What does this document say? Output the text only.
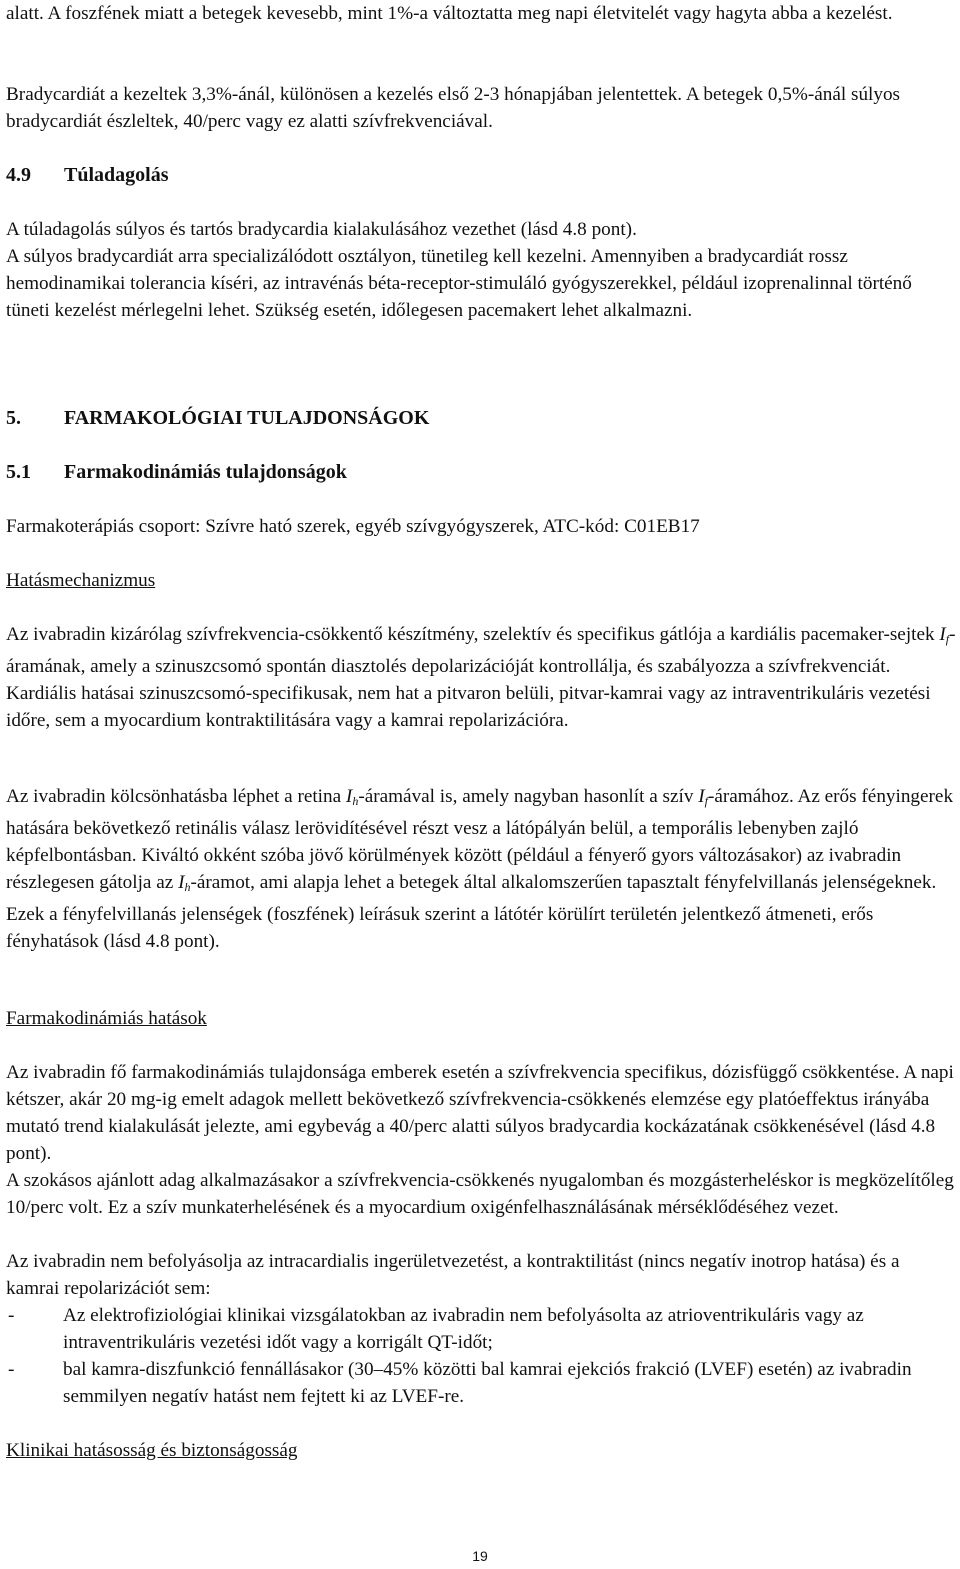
alatt. A foszfének miatt a betegek kevesebb, mint 1%-a változtatta meg napi életvitelét vagy hagyta abba a kezelést.

Bradycardiát a kezeltek 3,3%-ánál, különösen a kezelés első 2-3 hónapjában jelentettek. A betegek 0,5%-ánál súlyos bradycardiát észleltek, 40/perc vagy ez alatti szívfrekvenciával.

4.9 Túladagolás

A túladagolás súlyos és tartós bradycardia kialakulásához vezethet (lásd 4.8 pont).

A súlyos bradycardiát arra specializálódott osztályon, tünetileg kell kezelni. Amennyiben a bradycardiát rossz hemodinamikai tolerancia kíséri, az intravénás béta-receptor-stimuláló gyógyszerekkel, például izoprenalinnal történő tüneti kezelést mérlegelni lehet. Szükség esetén, időlegesen pacemakert lehet alkalmazni.

5. FARMAKOLÓGIAI TULAJDONSÁGOK
5.1 Farmakodinámiás tulajdonságok

Farmakoterápiás csoport: Szívre ható szerek, egyéb szívgyógyszerek, ATC-kód: C01EB17

Hatásmechanizmus

Az ivabradin kizárólag szívfrekvencia-csökkentő készítmény, szelektív és specifikus gátlója a kardiális pacemaker-sejtek $I_f$-áramának, amely a szinuszcsomó spontán diasztolés depolarizációját kontrollálja, és szabályozza a szívfrekvenciát. Kardiális hatásai szinuszcsomó-specifikusak, nem hat a pitvaron belüli, pitvar-kamrai vagy az intraventrikuláris vezetési időre, sem a myocardium kontraktilitására vagy a kamrai repolarizációra.

Az ivabradin kölcsönhatásba léphet a retina $I_h$-áramával is, amely nagyban hasonlít a szív $I_f$-áramához. Az erős fényingerek hatására bekövetkező retinális válasz lerövidítésével részt vesz a látópályán belül, a temporális lebenyben zajló képfelbontásban. Kiváltó okként szóba jövő körülmények között (például a fényerő gyors változásakor) az ivabradin részlegesen gátolja az $I_h$-áramot, ami alapja lehet a betegek által alkalomszerűen tapasztalt fényfelvillanás jelenségeknek. Ezek a fényfelvillanás jelenségek (foszfének) leírásuk szerint a látótér körülírt területén jelentkező átmeneti, erős fényhatások (lásd 4.8 pont).

Farmakodinámiás hatások

Az ivabradin fő farmakodinámiás tulajdonsága emberek esetén a szívfrekvencia specifikus, dózisfüggő csökkentése. A napi kétszer, akár 20 mg-ig emelt adagok mellett bekövetkező szívfrekvencia-csökkenés elemzése egy platóeffektus irányába mutató trend kialakulását jelezte, ami egybevág a 40/perc alatti súlyos bradycardia kockázatának csökkenésével (lásd 4.8 pont).

A szokásos ajánlott adag alkalmazásakor a szívfrekvencia-csökkenés nyugalomban és mozgásterheléskor is megközelítőleg 10/perc volt. Ez a szív munkaterhelésének és a myocardium oxigénfelhasználásának mérséklődéséhez vezet.

Az ivabradin nem befolyásolja az intracardialis ingerületvezetést, a kontraktilitást (nincs negatív inotrop hatása) és a kamrai repolarizációt sem:

-	Az elektrofiziológiai klinikai vizsgálatokban az ivabradin nem befolyásolta az atrioventrikuláris vagy az intraventrikuláris vezetési időt vagy a korrigált QT-időt;
-	bal kamra-diszfunkció fennállásakor (30–45% közötti bal kamrai ejekciós frakció (LVEF) esetén) az ivabradin semmilyen negatív hatást nem fejtett ki az LVEF-re.

Klinikai hatásosság és biztonságosság

19
